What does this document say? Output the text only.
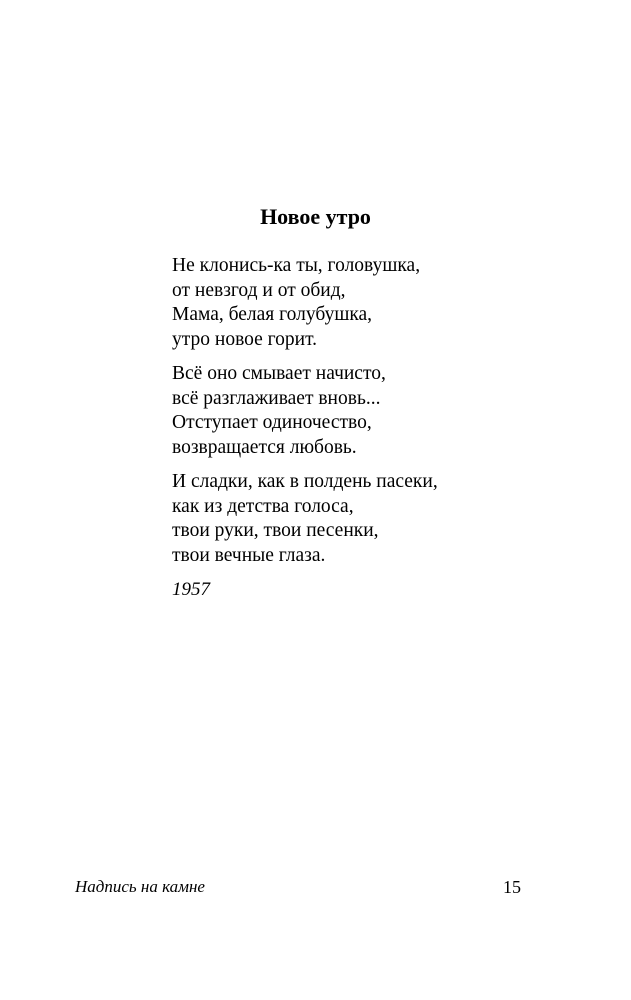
Новое утро
Не клонись-ка ты, головушка,
от невзгод и от обид,
Мама, белая голубушка,
утро новое горит.
Всё оно смывает начисто,
всё разглаживает вновь...
Отступает одиночество,
возвращается любовь.
И сладки, как в полдень пасеки,
как из детства голоса,
твои руки, твои песенки,
твои вечные глаза.
1957
Надпись на камне	15
